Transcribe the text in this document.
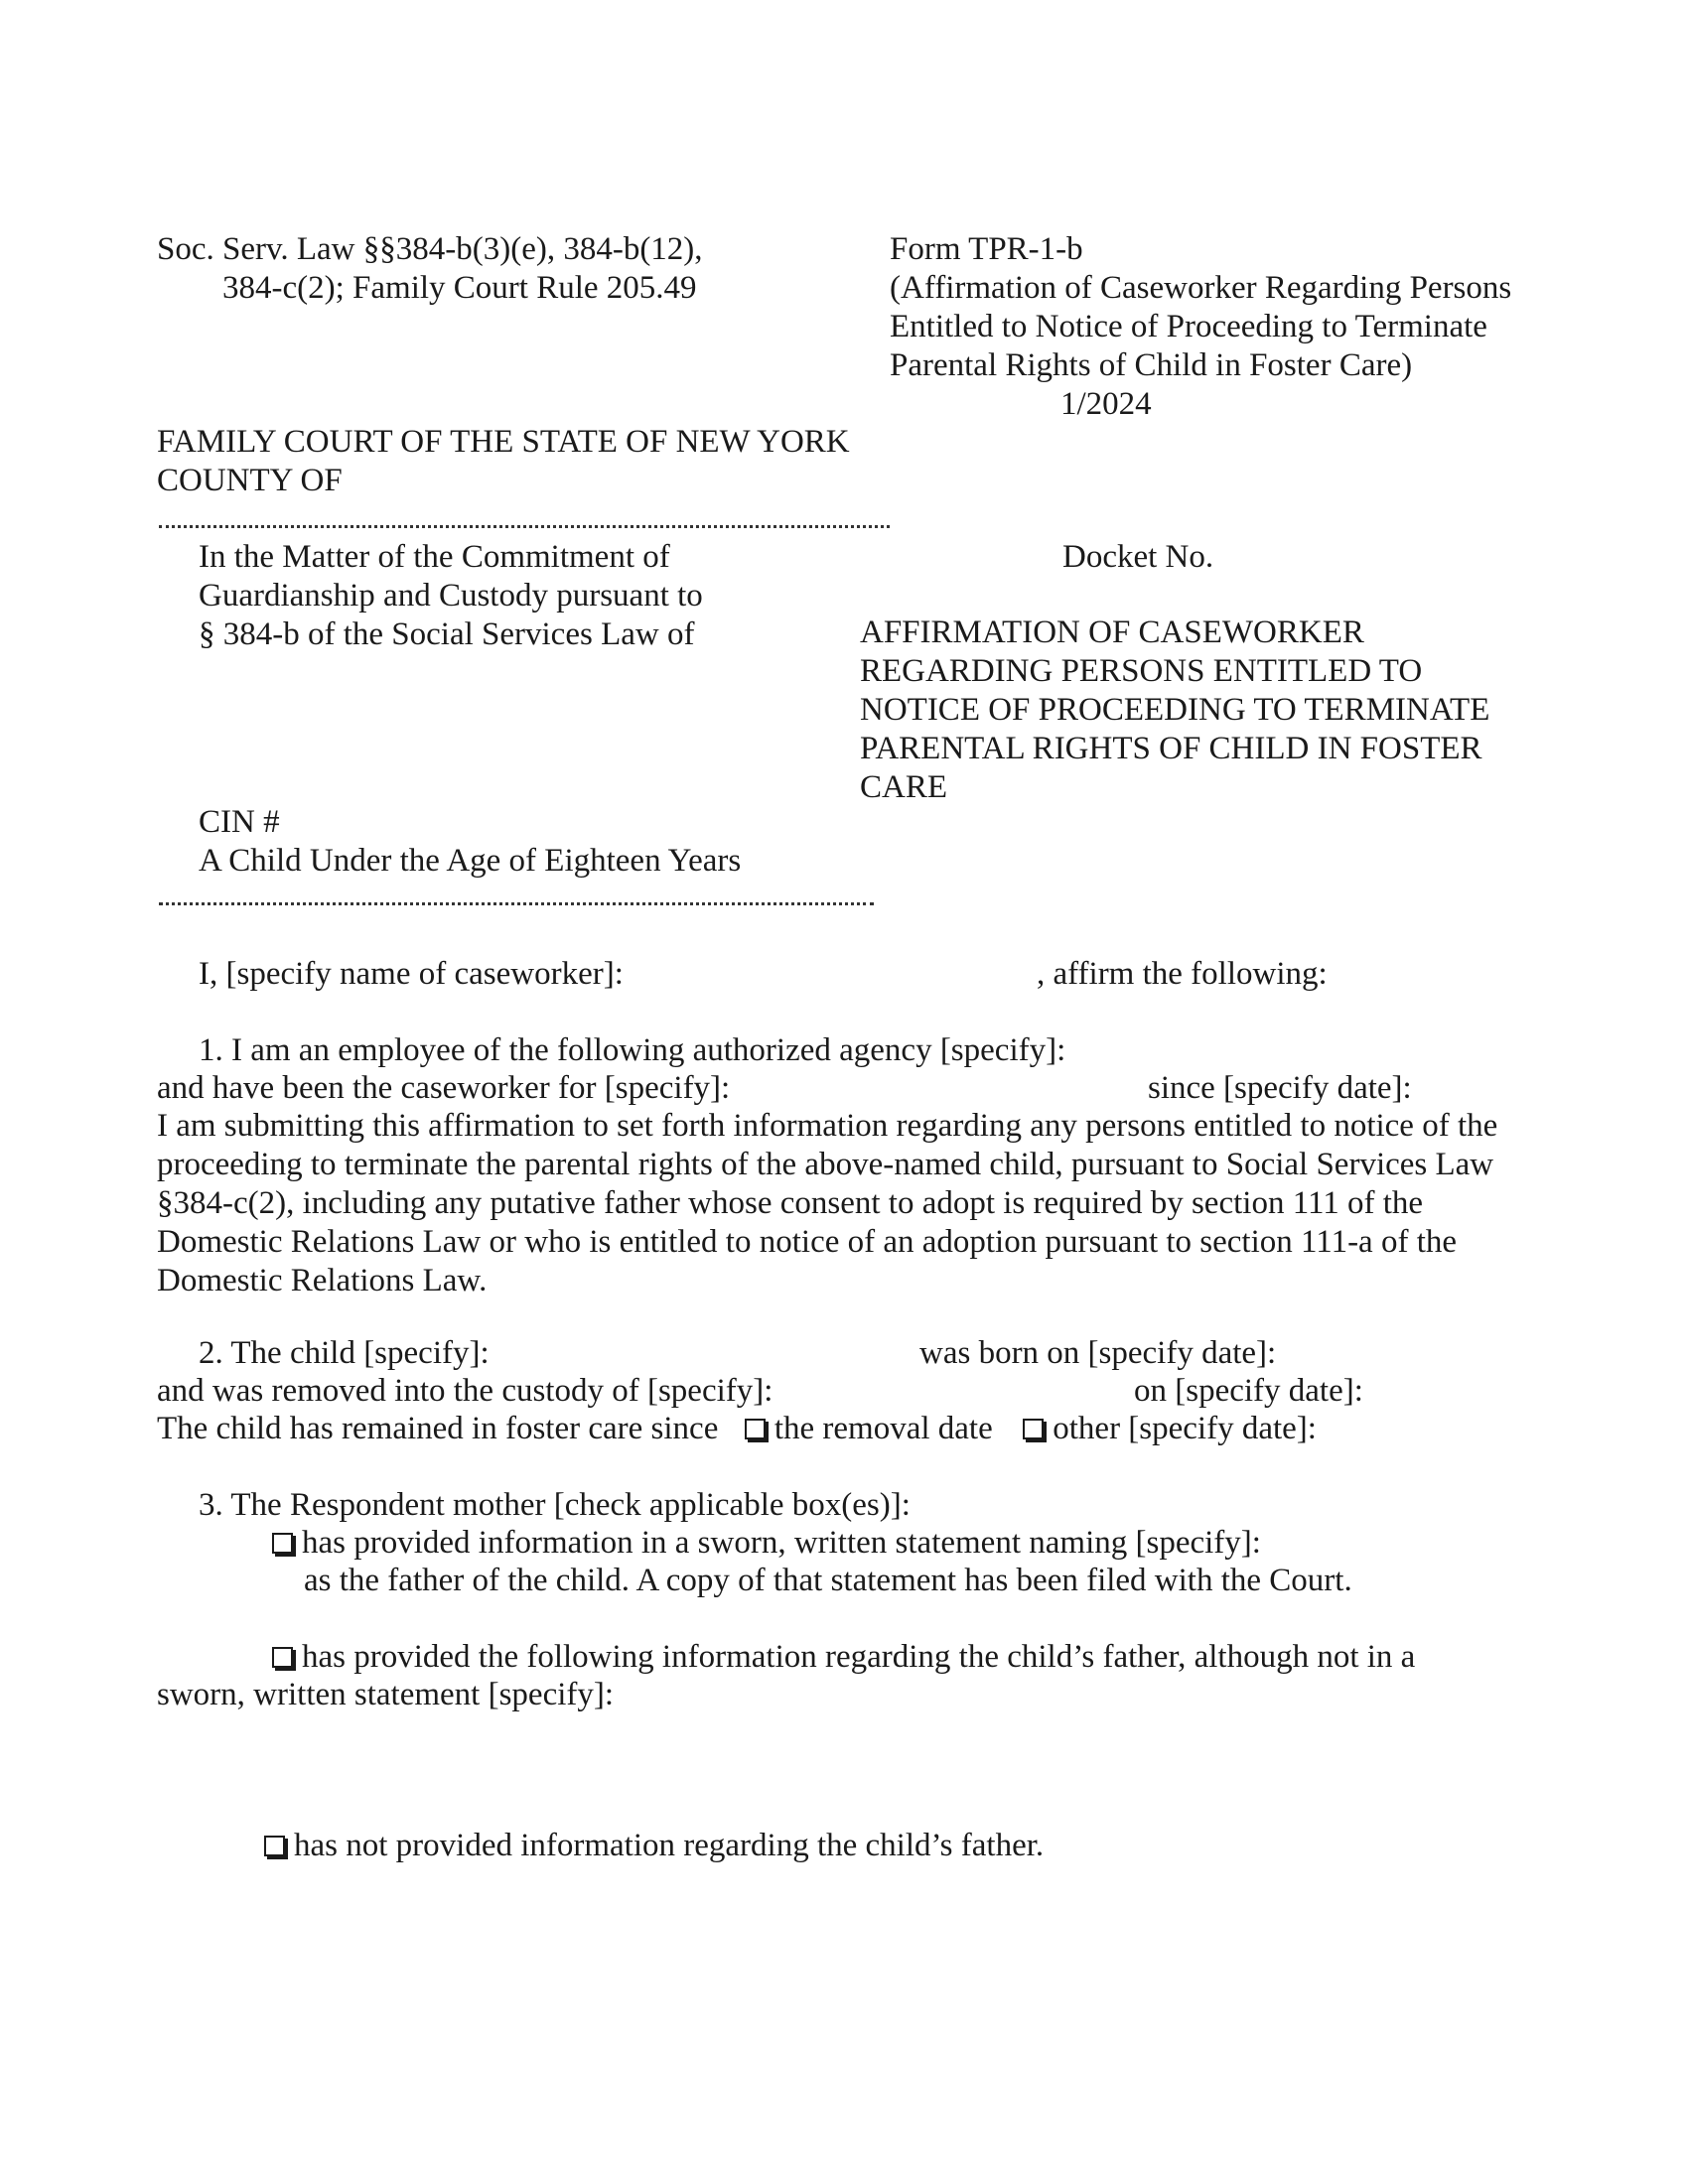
Soc. Serv. Law §§384-b(3)(e), 384-b(12),
384-c(2); Family Court Rule 205.49
Form TPR-1-b
(Affirmation of Caseworker Regarding Persons
Entitled to Notice of Proceeding to Terminate
Parental Rights of Child in Foster Care)
1/2024
FAMILY COURT OF THE STATE OF NEW YORK
COUNTY OF
In the Matter of the Commitment of
Guardianship and Custody pursuant to
§ 384-b of the Social Services Law of
Docket No.
AFFIRMATION OF CASEWORKER
REGARDING PERSONS ENTITLED TO
NOTICE OF PROCEEDING TO TERMINATE
PARENTAL RIGHTS OF CHILD IN FOSTER
CARE
CIN #
A Child Under the Age of Eighteen Years
I, [specify name of caseworker]:	, affirm the following:
1. I am an employee of the following authorized agency [specify]:
and have been the caseworker for [specify]:	since [specify date]:
I am submitting this affirmation to set forth information regarding any persons entitled to notice of the
proceeding to terminate the parental rights of the above-named child, pursuant to Social Services Law
§384-c(2), including any putative father whose consent to adopt is required by section 111 of the
Domestic Relations Law or who is entitled to notice of an adoption pursuant to section 111-a of the
Domestic Relations Law.
2. The child [specify]:	was born on [specify date]:
and was removed into the custody of [specify]:	on [specify date]:
The child has remained in foster care since the removal date other [specify date]:
3. The Respondent mother [check applicable box(es)]:
has provided information in a sworn, written statement naming [specify]:
as the father of the child. A copy of that statement has been filed with the Court.
has provided the following information regarding the child’s father, although not in a
sworn, written statement [specify]:
has not provided information regarding the child’s father.
